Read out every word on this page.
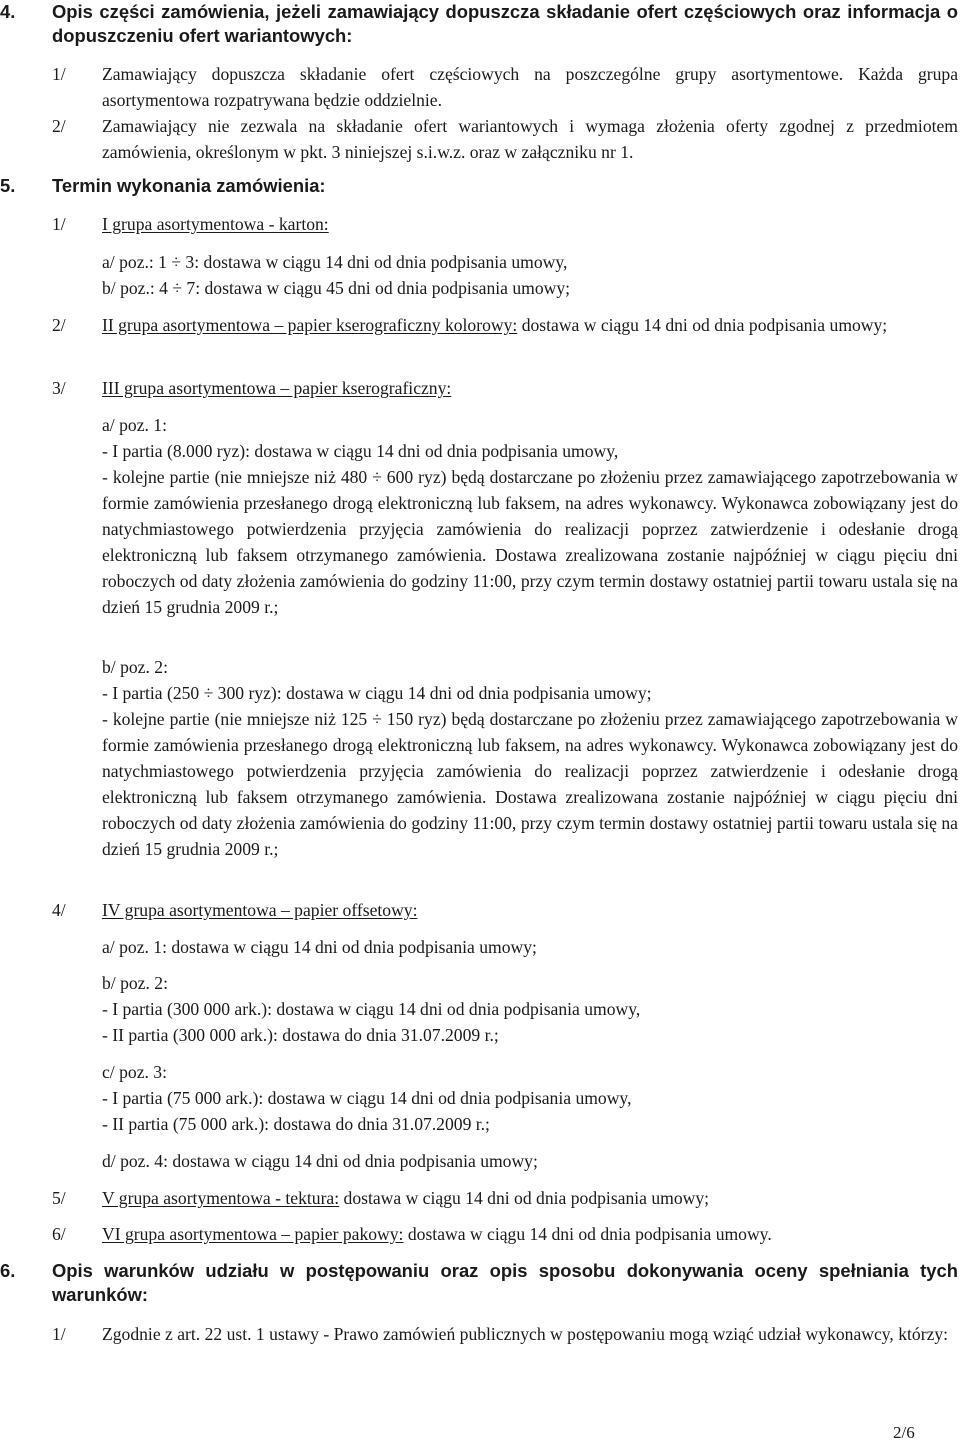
4. Opis części zamówienia, jeżeli zamawiający dopuszcza składanie ofert częściowych oraz informacja o dopuszczeniu ofert wariantowych:
1/ Zamawiający dopuszcza składanie ofert częściowych na poszczególne grupy asortymentowe. Każda grupa asortymentowa rozpatrywana będzie oddzielnie.
2/ Zamawiający nie zezwala na składanie ofert wariantowych i wymaga złożenia oferty zgodnej z przedmiotem zamówienia, określonym w pkt. 3 niniejszej s.i.w.z. oraz w załączniku nr 1.
5. Termin wykonania zamówienia:
1/ I grupa asortymentowa - karton:
a/ poz.: 1 ÷ 3: dostawa w ciągu 14 dni od dnia podpisania umowy,
b/ poz.: 4 ÷ 7: dostawa w ciągu 45 dni od dnia podpisania umowy;
2/ II grupa asortymentowa – papier kserograficzny kolorowy: dostawa w ciągu 14 dni od dnia podpisania umowy;
3/ III grupa asortymentowa – papier kserograficzny:
a/ poz. 1:
- I partia (8.000 ryz): dostawa w ciągu 14 dni od dnia podpisania umowy,
- kolejne partie (nie mniejsze niż 480 ÷ 600 ryz) będą dostarczane po złożeniu przez zamawiającego zapotrzebowania w formie zamówienia przesłanego drogą elektroniczną lub faksem, na adres wykonawcy. Wykonawca zobowiązany jest do natychmiastowego potwierdzenia przyjęcia zamówienia do realizacji poprzez zatwierdzenie i odesłanie drogą elektroniczną lub faksem otrzymanego zamówienia. Dostawa zrealizowana zostanie najpóźniej w ciągu pięciu dni roboczych od daty złożenia zamówienia do godziny 11:00, przy czym termin dostawy ostatniej partii towaru ustala się na dzień 15 grudnia 2009 r.;
b/ poz. 2:
- I partia (250 ÷ 300 ryz): dostawa w ciągu 14 dni od dnia podpisania umowy;
- kolejne partie (nie mniejsze niż 125 ÷ 150 ryz) będą dostarczane po złożeniu przez zamawiającego zapotrzebowania w formie zamówienia przesłanego drogą elektroniczną lub faksem, na adres wykonawcy. Wykonawca zobowiązany jest do natychmiastowego potwierdzenia przyjęcia zamówienia do realizacji poprzez zatwierdzenie i odesłanie drogą elektroniczną lub faksem otrzymanego zamówienia. Dostawa zrealizowana zostanie najpóźniej w ciągu pięciu dni roboczych od daty złożenia zamówienia do godziny 11:00, przy czym termin dostawy ostatniej partii towaru ustala się na dzień 15 grudnia 2009 r.;
4/ IV grupa asortymentowa – papier offsetowy:
a/ poz. 1: dostawa w ciągu 14 dni od dnia podpisania umowy;
b/ poz. 2:
- I partia (300 000 ark.): dostawa w ciągu 14 dni od dnia podpisania umowy,
- II partia (300 000 ark.): dostawa do dnia 31.07.2009 r.;
c/ poz. 3:
- I partia (75 000 ark.): dostawa w ciągu 14 dni od dnia podpisania umowy,
- II partia (75 000 ark.): dostawa do dnia 31.07.2009 r.;
d/ poz. 4: dostawa w ciągu 14 dni od dnia podpisania umowy;
5/ V grupa asortymentowa - tektura: dostawa w ciągu 14 dni od dnia podpisania umowy;
6/ VI grupa asortymentowa – papier pakowy: dostawa w ciągu 14 dni od dnia podpisania umowy.
6. Opis warunków udziału w postępowaniu oraz opis sposobu dokonywania oceny spełniania tych warunków:
1/ Zgodnie z art. 22 ust. 1 ustawy - Prawo zamówień publicznych w postępowaniu mogą wziąć udział wykonawcy, którzy:
2/6
